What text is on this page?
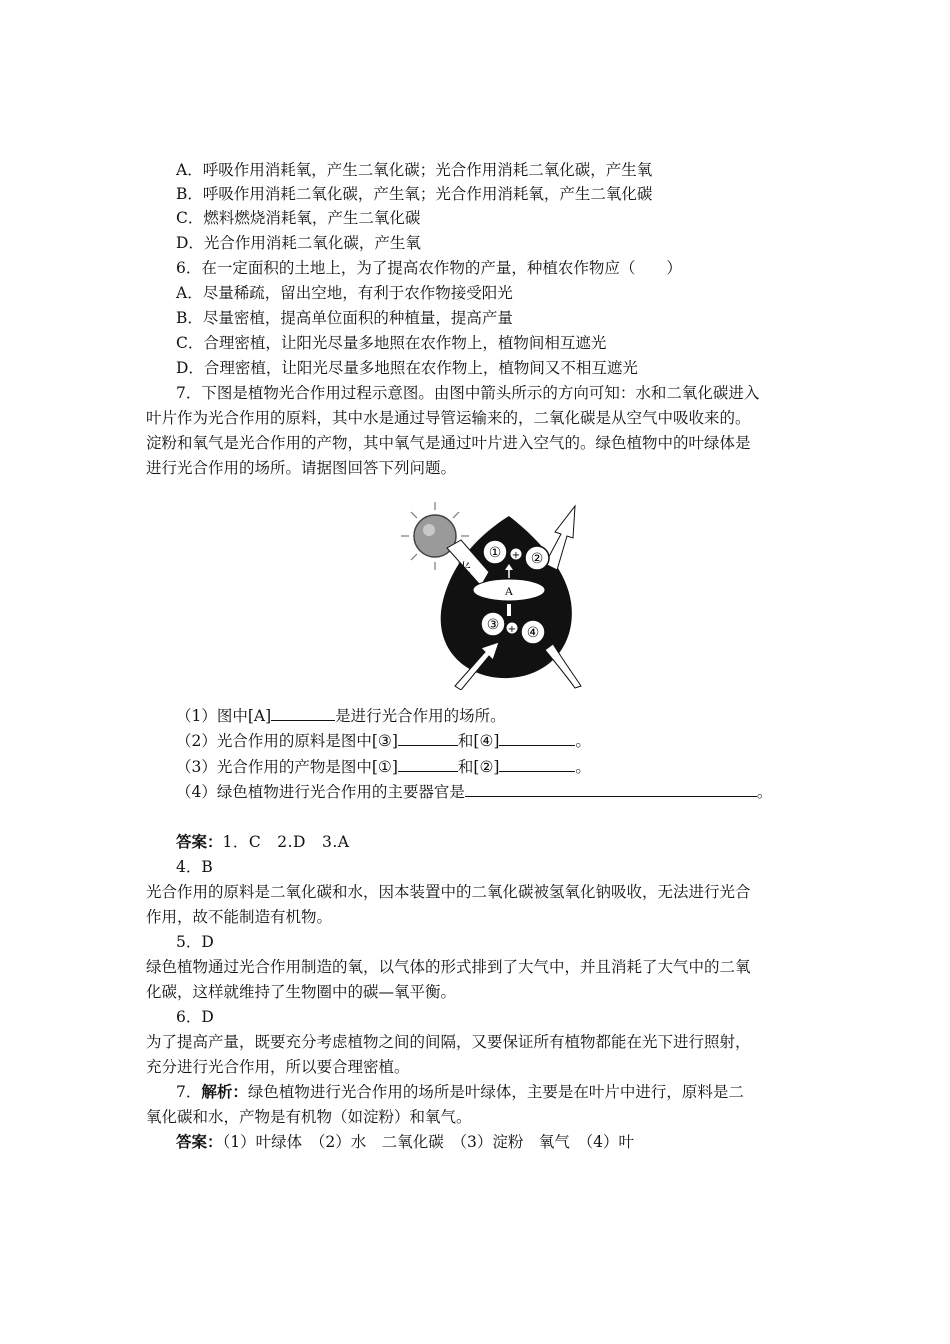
A．呼吸作用消耗氧，产生二氧化碳；光合作用消耗二氧化碳，产生氧
B．呼吸作用消耗二氧化碳，产生氧；光合作用消耗氧，产生二氧化碳
C．燃料燃烧消耗氧，产生二氧化碳
D．光合作用消耗二氧化碳，产生氧
6．在一定面积的土地上，为了提高农作物的产量，种植农作物应（　　）
A．尽量稀疏，留出空地，有利于农作物接受阳光
B．尽量密植，提高单位面积的种植量，提高产量
C．合理密植，让阳光尽量多地照在农作物上，植物间相互遮光
D．合理密植，让阳光尽量多地照在农作物上，植物间又不相互遮光
7．下图是植物光合作用过程示意图。由图中箭头所示的方向可知：水和二氧化碳进入
叶片作为光合作用的原料，其中水是通过导管运输来的，二氧化碳是从空气中吸收来的。
淀粉和氧气是光合作用的产物，其中氧气是通过叶片进入空气的。绿色植物中的叶绿体是
进行光合作用的场所。请据图回答下列问题。
光
① ②
+
A
③ ④
+
（1）图中[A]	是进行光合作用的场所。
（2）光合作用的原料是图中[③]	和[④]	。
（3）光合作用的产物是图中[①]	和[②]	。
（4）绿色植物进行光合作用的主要器官是	。
答案：1．C　2.D　3.A
4．B
光合作用的原料是二氧化碳和水，因本装置中的二氧化碳被氢氧化钠吸收，无法进行光合
作用，故不能制造有机物。
5．D
绿色植物通过光合作用制造的氧，以气体的形式排到了大气中，并且消耗了大气中的二氧
化碳，这样就维持了生物圈中的碳—氧平衡。
6．D
为了提高产量，既要充分考虑植物之间的间隔，又要保证所有植物都能在光下进行照射，
充分进行光合作用，所以要合理密植。
7．解析：绿色植物进行光合作用的场所是叶绿体，主要是在叶片中进行，原料是二
氧化碳和水，产物是有机物（如淀粉）和氧气。
答案：（1）叶绿体　（2）水　二氧化碳　（3）淀粉　氧气　（4）叶
